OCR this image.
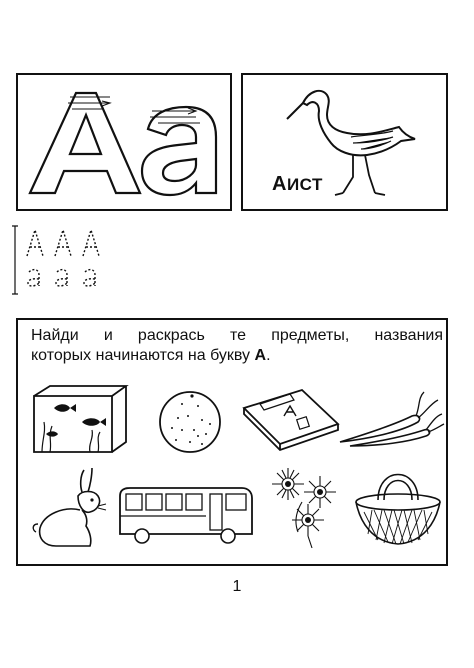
АИСТ
Найди и раскрась те предметы, названия
которых начинаются на букву А.
1
